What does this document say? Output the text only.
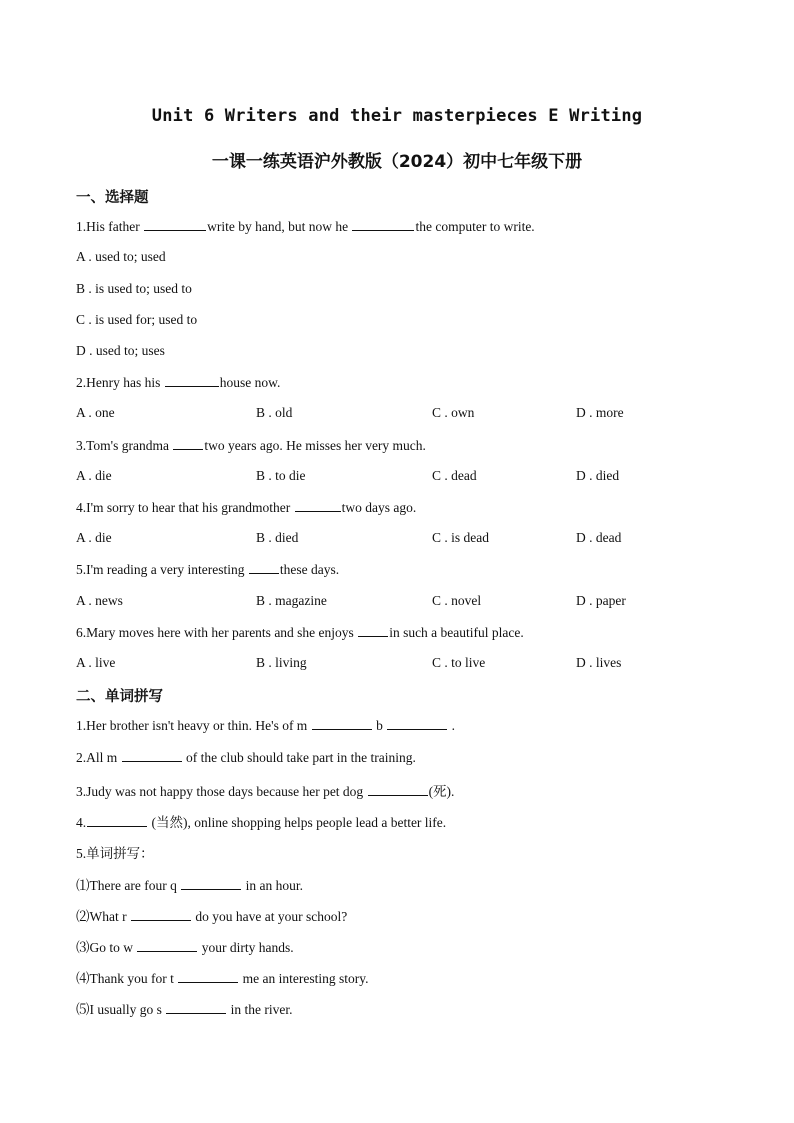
Unit 6 Writers and their masterpieces E Writing
一课一练英语沪外教版（2024）初中七年级下册
一、选择题
1.His father	write by hand, but now he	the computer to write.
A . used to; used
B . is used to; used to
C . is used for; used to
D . used to; uses
2.Henry has his	house now.
A . one	B . old	C . own	D . more
3.Tom's grandma two years ago. He misses her very much.
A . die	B . to die	C . dead	D . died
4.I'm sorry to hear that his grandmother	two days ago.
A . die	B . died	C . is dead	D . dead
5.I'm reading a very interesting these days.
A . news	B . magazine	C . novel	D . paper
6.Mary moves here with her parents and she enjoys in such a beautiful place.
A . live	B . living	C . to live	D . lives
二、单词拼写
1.Her brother isn't heavy or thin. He's of m	b	.
2.All m	of the club should take part in the training.
3.Judy was not happy those days because her pet dog	(死).
4.	(当然), online shopping helps people lead a better life.
5.单词拼写：
⑴There are four q	in an hour.
⑵What r	do you have at your school?
⑶Go to w	your dirty hands.
⑷Thank you for t	me an interesting story.
⑸I usually go s	in the river.
